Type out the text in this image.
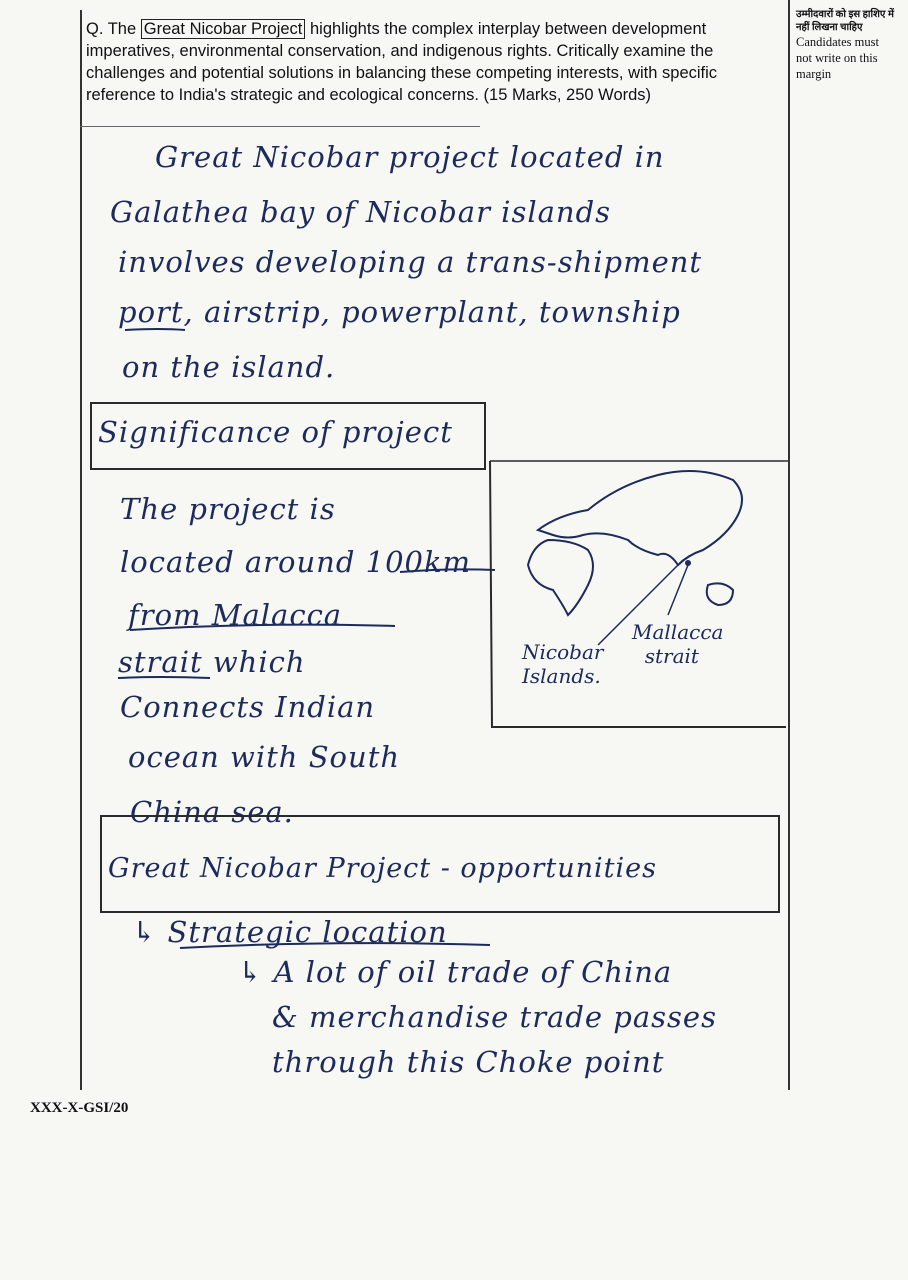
Q. The Great Nicobar Project highlights the complex interplay between development imperatives, environmental conservation, and indigenous rights. Critically examine the challenges and potential solutions in balancing these competing interests, with specific reference to India's strategic and ecological concerns. (15 Marks, 250 Words)
उम्मीदवारों को इस हाशिए में नहीं लिखना चाहिए
Candidates must not write on this margin
Great Nicobar project located in
Galathea bay of Nicobar islands
involves developing a trans-shipment
port, airstrip, powerplant, township
on the island.
Significance of project
The project is
located around 100km
from Malacca
strait which
Connects Indian
ocean with South
China sea.
Nicobar
Islands.
Mallacca
strait
Great Nicobar Project - opportunities
↳ Strategic location
↳ A lot of oil trade of China
& merchandise trade passes
through this Choke point
XXX-X-GSI/20
